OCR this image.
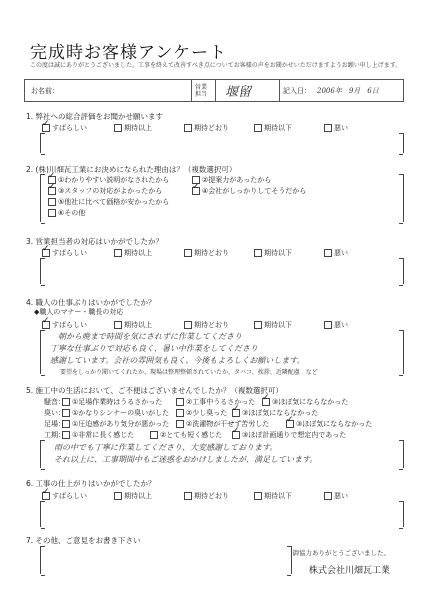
完成時お客様アンケート
この度は誠にありがとうございました。工事を終えて改善すべき点についてお客様の声をお聞かせいただけますようお願い申し上げます。
お名前：	営業
担当	堰留	記入日： 2006年　9月　6日
1. 弊社への総合評価をお聞かせ願います
✓すばらしい	期待以上	期待どおり	期待以下	悪い
2. (株)川畑瓦工業にお決めになられた理由は？（複数選択可）
✓①わかりやすい説明がなされたから	②提案力があったから
✓③スタッフの対応がよかったから ✓	④会社がしっかりしてそうだから
⑤他社に比べて価格が安かったから
⑥その他
3. 営業担当者の対応はいかがでしたか？
✓すばらしい	期待以上	期待どおり	期待以下	悪い
4. 職人の仕事ぶりはいかがでしたか？
◆職人のマナー・職長の対応
✓すばらしい	期待以上	期待どおり	期待以下	悪い
朝から晩まで時間を気にされずに作業してくださり
丁寧な仕事ぶりで対応も良く、暑い中作業をしてくださり
感謝しています。会社の雰囲気も良く、今後もよろしくお願いします。
要望をしっかり聞いてくれたか、現場は整理整頓されていたか、タバコ、挨拶、近隣配慮　など
5. 施工中の生活において、ご不便はございませんでしたか？（複数選択可）
騒音：	①足場作業時はうるさかった	②工事中うるさかった ✓	③ほぼ気にならなかった
臭い：	①かなりシンナーの臭いがした	②少し臭った ✓	③ほぼ気にならなかった
足場：	①圧迫感があり気分が悪かった	②洗濯物が干せず苦労した ✓	③ほぼ気にならなかった
工期：	①非常に長く感じた	②とても短く感じた ✓	③ほぼ計画通りで想定内であった
雨の中でも丁寧に作業してくださり、大変感謝しております。
それ以上に、工事期間中もご迷惑をおかけしましたが、満足しています。
6. 工事の仕上がりはいかがでしたか？
✓すばらしい	期待以上	期待どおり	期待以下	悪い
7. その他、ご意見をお書き下さい
御協力ありがとうございました。
株式会社川畑瓦工業
